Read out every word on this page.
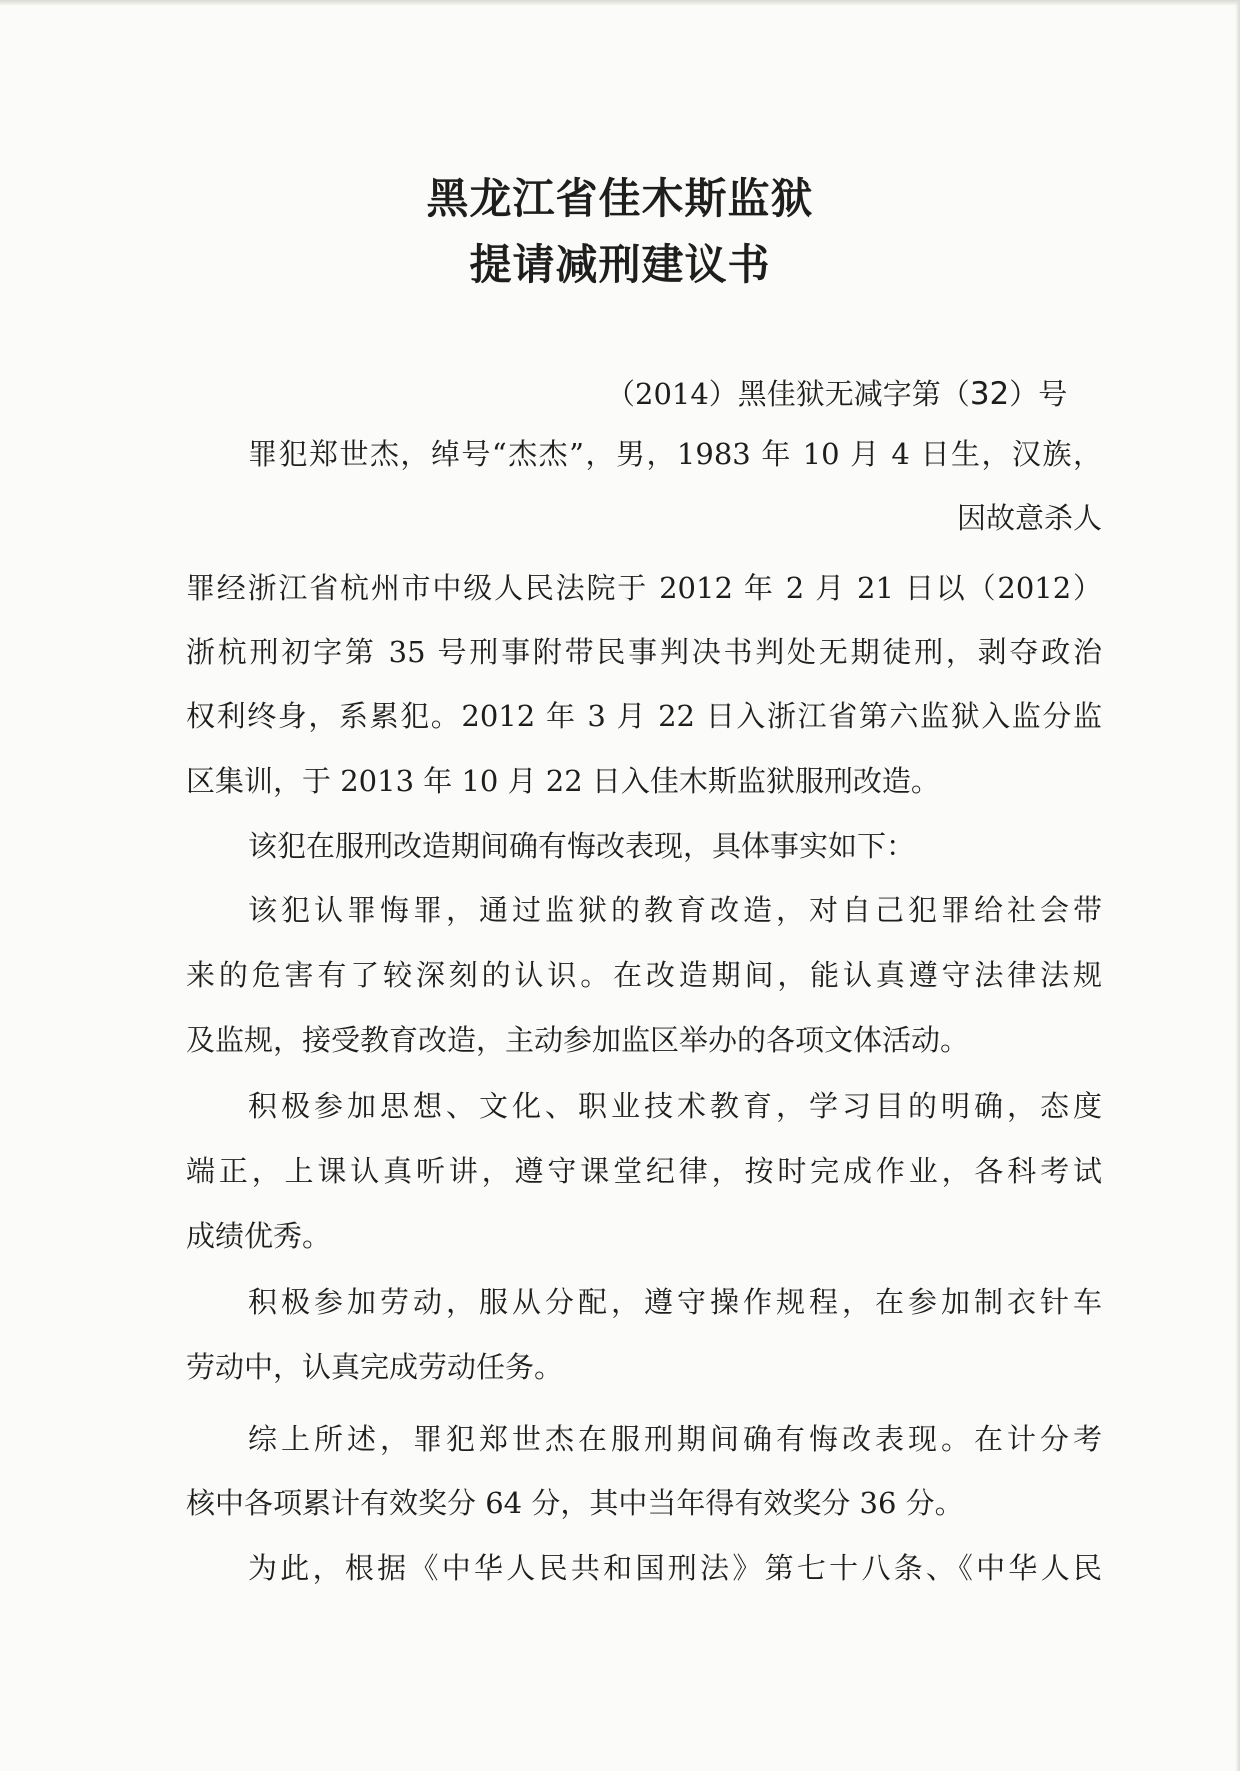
黑龙江省佳木斯监狱
提请减刑建议书
（2014）黑佳狱无减字第（32）号
罪犯郑世杰，绰号“杰杰”，男，1983 年 10 月 4 日生，汉族，
因故意杀人
罪经浙江省杭州市中级人民法院于 2012 年 2 月 21 日以（2012）
浙杭刑初字第 35 号刑事附带民事判决书判处无期徒刑，剥夺政治
权利终身，系累犯。2012 年 3 月 22 日入浙江省第六监狱入监分监
区集训，于 2013 年 10 月 22 日入佳木斯监狱服刑改造。
该犯在服刑改造期间确有悔改表现，具体事实如下：
该犯认罪悔罪，通过监狱的教育改造，对自己犯罪给社会带
来的危害有了较深刻的认识。在改造期间，能认真遵守法律法规
及监规，接受教育改造，主动参加监区举办的各项文体活动。
积极参加思想、文化、职业技术教育，学习目的明确，态度
端正，上课认真听讲，遵守课堂纪律，按时完成作业，各科考试
成绩优秀。
积极参加劳动，服从分配，遵守操作规程，在参加制衣针车
劳动中，认真完成劳动任务。
综上所述，罪犯郑世杰在服刑期间确有悔改表现。在计分考
核中各项累计有效奖分 64 分，其中当年得有效奖分 36 分。
为此，根据《中华人民共和国刑法》第七十八条、《中华人民
